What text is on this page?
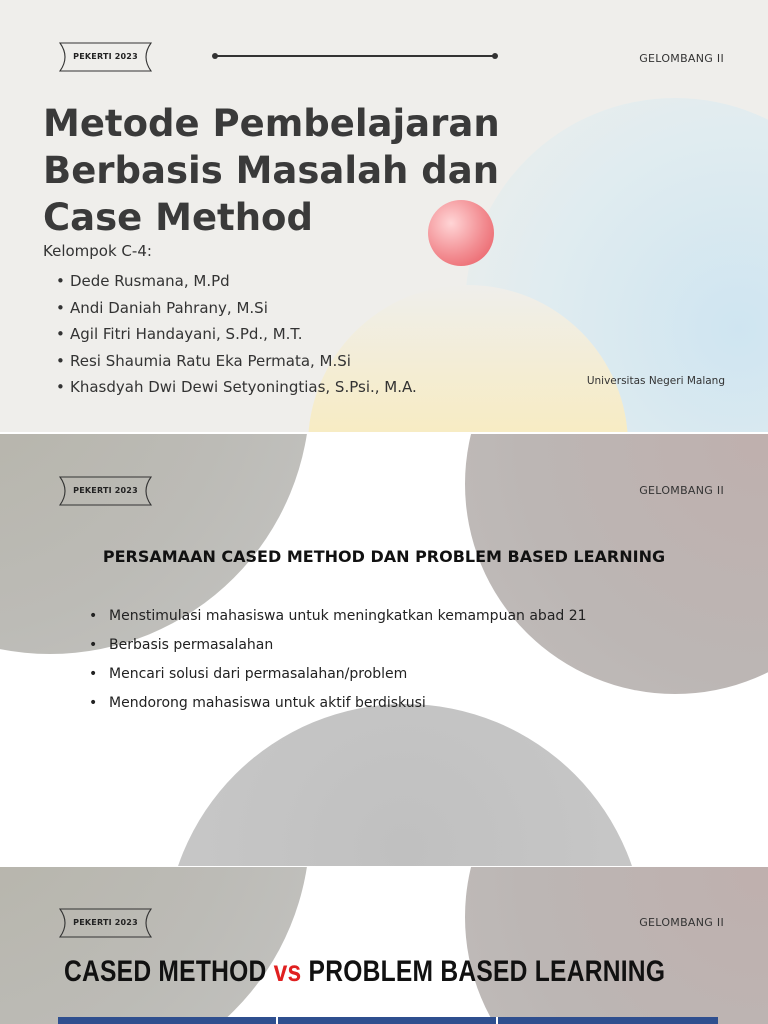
PEKERTI 2023	GELOMBANG II
Metode Pembelajaran Berbasis Masalah dan Case Method
Kelompok C-4:
• Dede Rusmana, M.Pd
• Andi Daniah Pahrany, M.Si
• Agil Fitri Handayani, S.Pd., M.T.
• Resi Shaumia Ratu Eka Permata, M.Si
• Khasdyah Dwi Dewi Setyoningtias, S.Psi., M.A.	Universitas Negeri Malang
PEKERTI 2023	GELOMBANG II
PERSAMAAN CASED METHOD DAN PROBLEM BASED LEARNING
• Menstimulasi mahasiswa untuk meningkatkan kemampuan abad 21
• Berbasis permasalahan
• Mencari solusi dari permasalahan/problem
• Mendorong mahasiswa untuk aktif berdiskusi
PEKERTI 2023	GELOMBANG II
CASED METHOD vs PROBLEM BASED LEARNING
